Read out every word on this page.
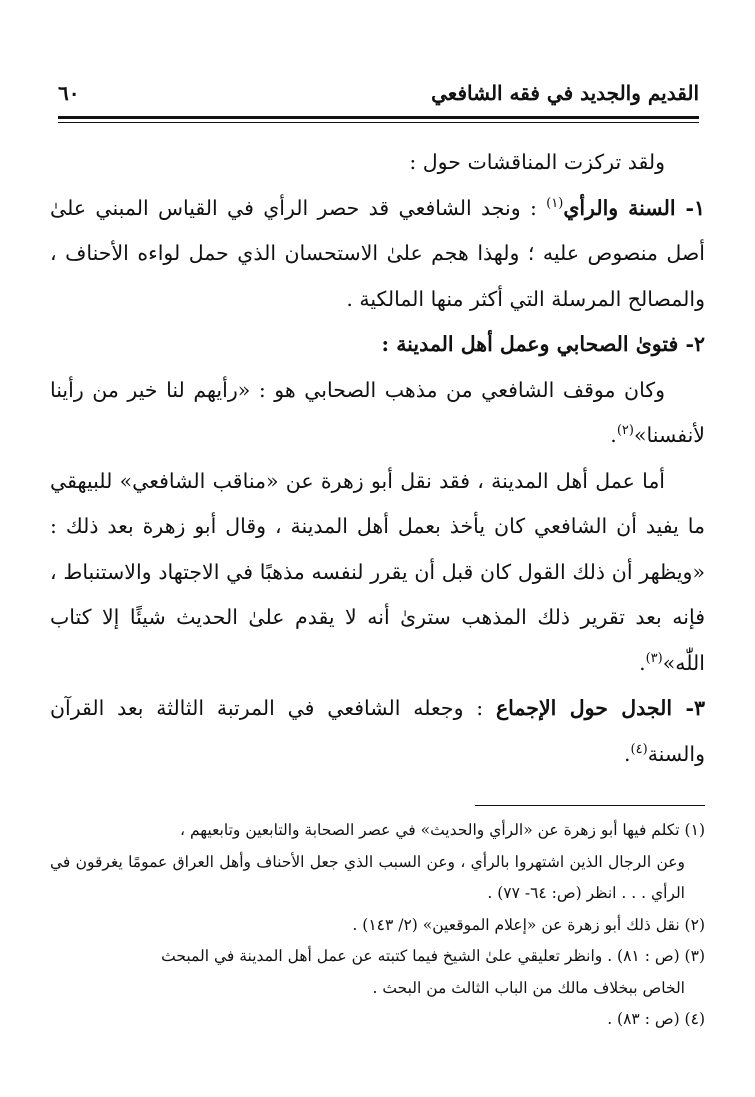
القديم والجديد في فقه الشافعي
٦٠

ولقد تركزت المناقشات حول :

١- السنة والرأي$^{(١)}$ : ونجد الشافعي قد حصر الرأي في القياس المبني علىٰ أصل منصوص عليه ؛ ولهذا هجم علىٰ الاستحسان الذي حمل لواءه الأحناف ، والمصالح المرسلة التي أكثر منها المالكية .

٢- فتوىٰ الصحابي وعمل أهل المدينة :

وكان موقف الشافعي من مذهب الصحابي هو : «رأيهم لنا خير من رأينا لأنفسنا»$^{(٢)}$.

أما عمل أهل المدينة ، فقد نقل أبو زهرة عن «مناقب الشافعي» للبيهقي ما يفيد أن الشافعي كان يأخذ بعمل أهل المدينة ، وقال أبو زهرة بعد ذلك : «ويظهر أن ذلك القول كان قبل أن يقرر لنفسه مذهبًا في الاجتهاد والاستنباط ، فإنه بعد تقرير ذلك المذهب سترىٰ أنه لا يقدم علىٰ الحديث شيئًا إلا كتاب اللّٰه»$^{(٣)}$.

٣- الجدل حول الإجماع : وجعله الشافعي في المرتبة الثالثة بعد القرآن والسنة$^{(٤)}$.

(١) تكلم فيها أبو زهرة عن «الرأي والحديث» في عصر الصحابة والتابعين وتابعيهم ،

وعن الرجال الذين اشتهروا بالرأي ، وعن السبب الذي جعل الأحناف وأهل العراق عمومًا يغرقون في الرأي . . . انظر (ص: ٦٤- ٧٧) .

(٢) نقل ذلك أبو زهرة عن «إعلام الموقعين» (٢/ ١٤٣) .

(٣) (ص : ٨١) . وانظر تعليقي علىٰ الشيخ فيما كتبته عن عمل أهل المدينة في المبحث

الخاص ببخلاف مالك من الباب الثالث من البحث .

(٤) (ص : ٨٣) .
